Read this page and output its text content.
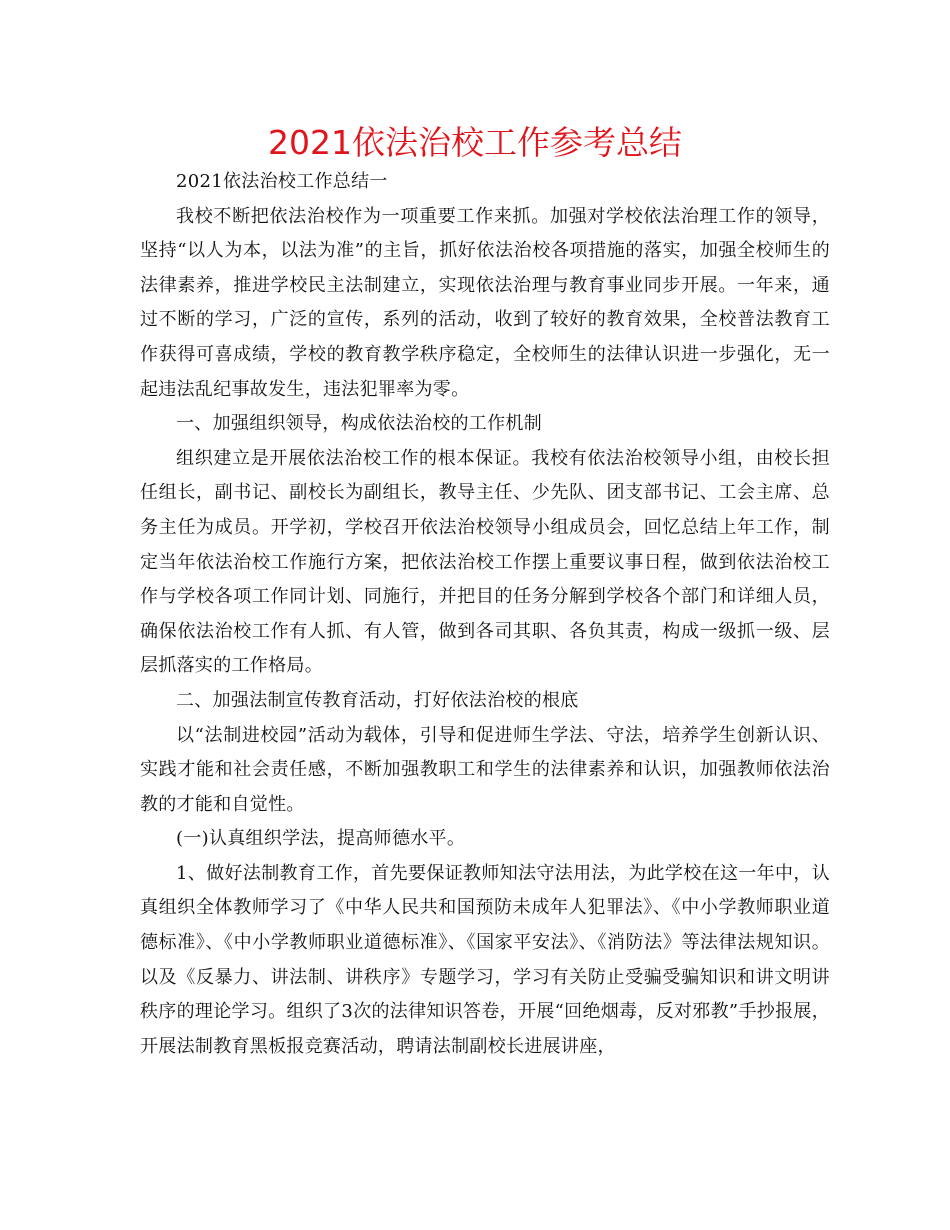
2021依法治校工作参考总结

2021依法治校工作总结一

我校不断把依法治校作为一项重要工作来抓。加强对学校依法治理工作的领导，坚持“以人为本，以法为准”的主旨，抓好依法治校各项措施的落实，加强全校师生的法律素养，推进学校民主法制建立，实现依法治理与教育事业同步开展。一年来，通过不断的学习，广泛的宣传，系列的活动，收到了较好的教育效果，全校普法教育工作获得可喜成绩，学校的教育教学秩序稳定，全校师生的法律认识进一步强化，无一起违法乱纪事故发生，违法犯罪率为零。

一、加强组织领导，构成依法治校的工作机制

组织建立是开展依法治校工作的根本保证。我校有依法治校领导小组，由校长担任组长，副书记、副校长为副组长，教导主任、少先队、团支部书记、工会主席、总务主任为成员。开学初，学校召开依法治校领导小组成员会，回忆总结上年工作，制定当年依法治校工作施行方案，把依法治校工作摆上重要议事日程，做到依法治校工作与学校各项工作同计划、同施行，并把目的任务分解到学校各个部门和详细人员，确保依法治校工作有人抓、有人管，做到各司其职、各负其责，构成一级抓一级、层层抓落实的工作格局。

二、加强法制宣传教育活动，打好依法治校的根底

以“法制进校园”活动为载体，引导和促进师生学法、守法，培养学生创新认识、实践才能和社会责任感，不断加强教职工和学生的法律素养和认识，加强教师依法治教的才能和自觉性。

(一)认真组织学法，提高师德水平。

1、做好法制教育工作，首先要保证教师知法守法用法，为此学校在这一年中，认真组织全体教师学习了《中华人民共和国预防未成年人犯罪法》、《中小学教师职业道德标准》、《中小学教师职业道德标准》、《国家平安法》、《消防法》等法律法规知识。以及《反暴力、讲法制、讲秩序》专题学习，学习有关防止受骗受骗知识和讲文明讲秩序的理论学习。组织了3次的法律知识答卷，开展“回绝烟毒，反对邪教”手抄报展，开展法制教育黑板报竞赛活动，聘请法制副校长进展讲座，
